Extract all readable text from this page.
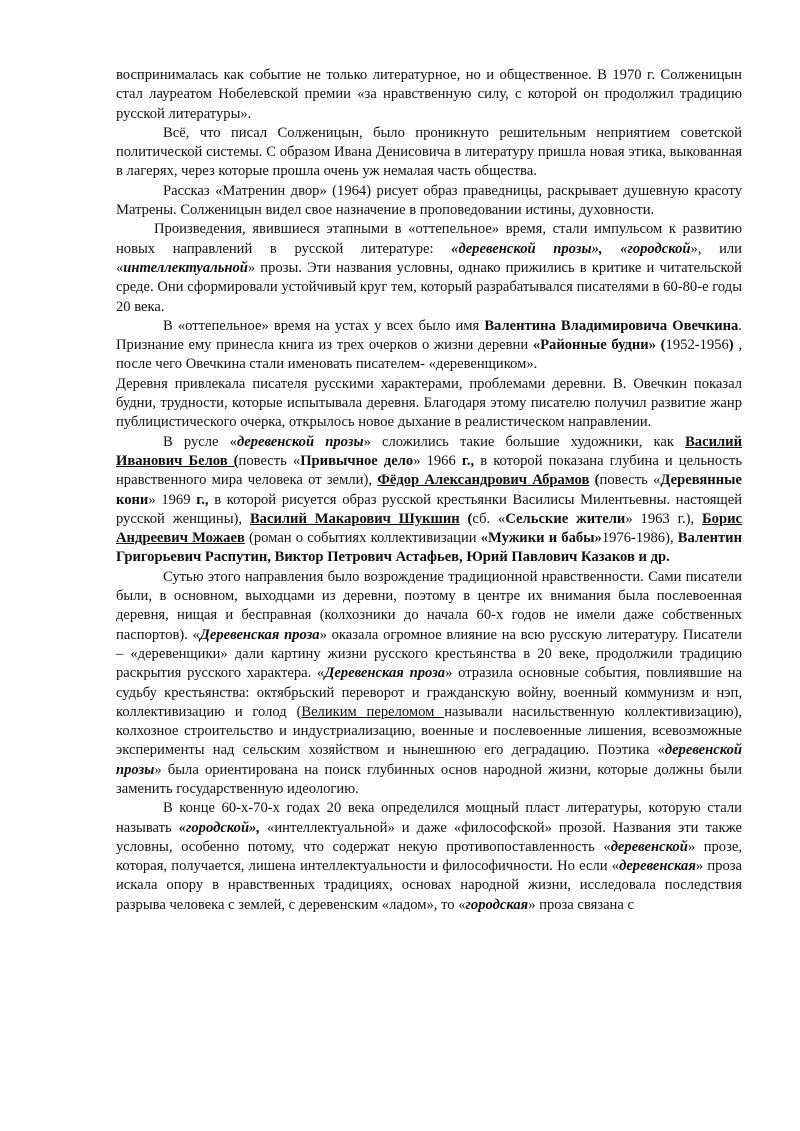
воспринималась как событие не только литературное, но и общественное. В 1970 г. Солженицын стал лауреатом Нобелевской премии «за нравственную силу, с которой он продолжил традицию русской литературы».

Всё, что писал Солженицын, было проникнуто решительным неприятием советской политической системы. С образом Ивана Денисовича в литературу пришла новая этика, выкованная в лагерях, через которые прошла очень уж немалая часть общества.

Рассказ «Матренин двор» (1964) рисует образ праведницы, раскрывает душевную красоту Матрены. Солженицын видел свое назначение в проповедовании истины, духовности.

Произведения, явившиеся этапными в «оттепельное» время, стали импульсом к развитию новых направлений в русской литературе: «деревенской прозы», «городской», или «интеллектуальной» прозы. Эти названия условны, однако прижились в критике и читательской среде. Они сформировали устойчивый круг тем, который разрабатывался писателями в 60-80-е годы 20 века.

В «оттепельное» время на устах у всех было имя Валентина Владимировича Овечкина. Признание ему принесла книга из трех очерков о жизни деревни «Районные будни» (1952-1956) , после чего Овечкина стали именовать писателем- «деревенщиком».

Деревня привлекала писателя русскими характерами, проблемами деревни. В. Овечкин показал будни, трудности, которые испытывала деревня. Благодаря этому писателю получил развитие жанр публицистического очерка, открылось новое дыхание в реалистическом направлении.

В русле «деревенской прозы» сложились такие большие художники, как Василий Иванович Белов (повесть «Привычное дело» 1966 г., в которой показана глубина и цельность нравственного мира человека от земли), Фёдор Александрович Абрамов (повесть «Деревянные кони» 1969 г., в которой рисуется образ русской крестьянки Василисы Милентьевны. настоящей русской женщины), Василий Макарович Шукшин (сб. «Сельские жители» 1963 г.), Борис Андреевич Можаев (роман о событиях коллективизации «Мужики и бабы»1976-1986), Валентин Григорьевич Распутин, Виктор Петрович Астафьев, Юрий Павлович Казаков и др.

Сутью этого направления было возрождение традиционной нравственности. Сами писатели были, в основном, выходцами из деревни, поэтому в центре их внимания была послевоенная деревня, нищая и бесправная (колхозники до начала 60-х годов не имели даже собственных паспортов). «Деревенская проза» оказала огромное влияние на всю русскую литературу. Писатели – «деревенщики» дали картину жизни русского крестьянства в 20 веке, продолжили традицию раскрытия русского характера. «Деревенская проза» отразила основные события, повлиявшие на судьбу крестьянства: октябрьский переворот и гражданскую войну, военный коммунизм и нэп, коллективизацию и голод (Великим переломом называли насильственную коллективизацию), колхозное строительство и индустриализацию, военные и послевоенные лишения, всевозможные эксперименты над сельским хозяйством и нынешнюю его деградацию. Поэтика «деревенской прозы» была ориентирована на поиск глубинных основ народной жизни, которые должны были заменить государственную идеологию.

В конце 60-х-70-х годах 20 века определился мощный пласт литературы, которую стали называть «городской», «интеллектуальной» и даже «философской» прозой. Названия эти также условны, особенно потому, что содержат некую противопоставленность «деревенской» прозе, которая, получается, лишена интеллектуальности и философичности. Но если «деревенская» проза искала опору в нравственных традициях, основах народной жизни, исследовала последствия разрыва человека с землей, с деревенским «ладом», то «городская» проза связана с
